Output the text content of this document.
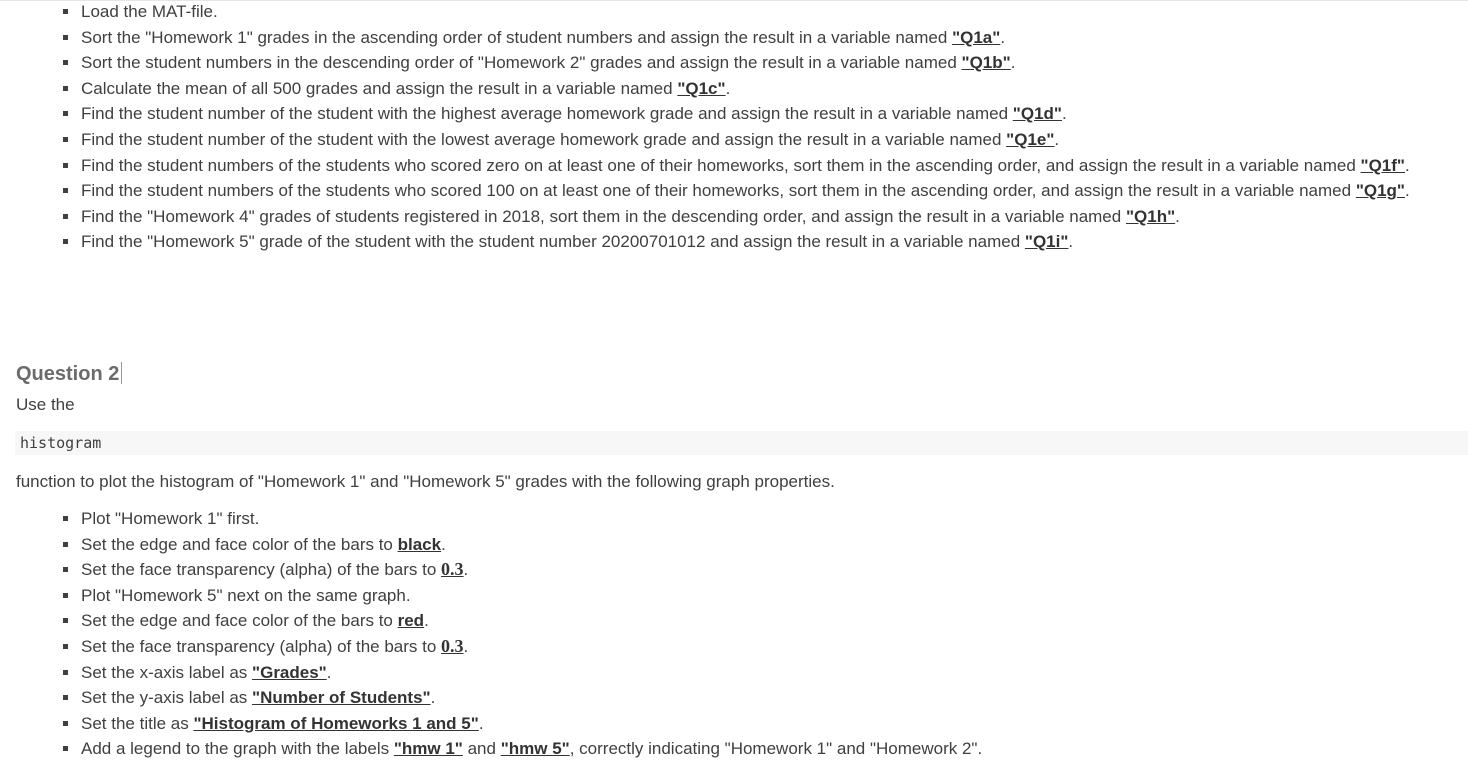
Load the MAT-file.
Sort the "Homework 1" grades in the ascending order of student numbers and assign the result in a variable named "Q1a".
Sort the student numbers in the descending order of "Homework 2" grades and assign the result in a variable named "Q1b".
Calculate the mean of all 500 grades and assign the result in a variable named "Q1c".
Find the student number of the student with the highest average homework grade and assign the result in a variable named "Q1d".
Find the student number of the student with the lowest average homework grade and assign the result in a variable named "Q1e".
Find the student numbers of the students who scored zero on at least one of their homeworks, sort them in the ascending order, and assign the result in a variable named "Q1f".
Find the student numbers of the students who scored 100 on at least one of their homeworks, sort them in the ascending order, and assign the result in a variable named "Q1g".
Find the "Homework 4" grades of students registered in 2018, sort them in the descending order, and assign the result in a variable named "Q1h".
Find the "Homework 5" grade of the student with the student number 20200701012 and assign the result in a variable named "Q1i".
Question 2
Use the
histogram
function to plot the histogram of "Homework 1" and "Homework 5" grades with the following graph properties.
Plot "Homework 1" first.
Set the edge and face color of the bars to black.
Set the face transparency (alpha) of the bars to 0.3.
Plot "Homework 5" next on the same graph.
Set the edge and face color of the bars to red.
Set the face transparency (alpha) of the bars to 0.3.
Set the x-axis label as "Grades".
Set the y-axis label as "Number of Students".
Set the title as "Histogram of Homeworks 1 and 5".
Add a legend to the graph with the labels "hmw 1" and "hmw 5", correctly indicating "Homework 1" and "Homework 2".
